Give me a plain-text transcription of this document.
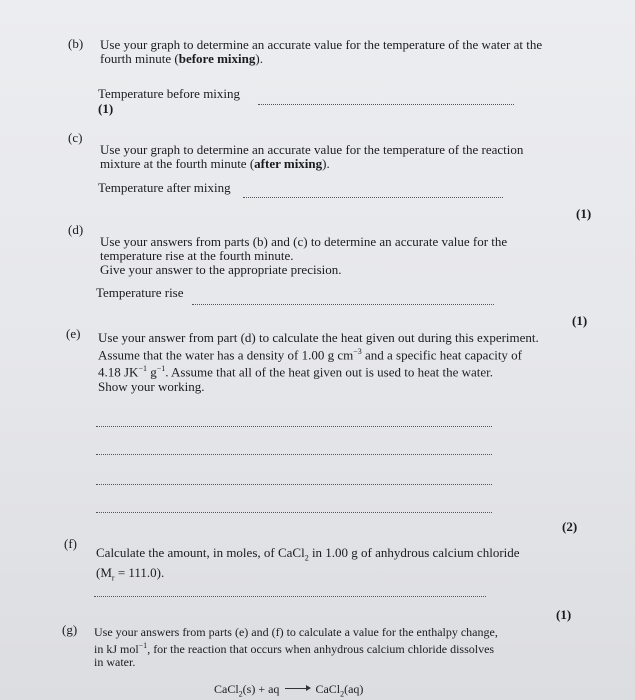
(b) Use your graph to determine an accurate value for the temperature of the water at the
fourth minute (before mixing).
Temperature before mixing
(1)
(c)
Use your graph to determine an accurate value for the temperature of the reaction
mixture at the fourth minute (after mixing).
Temperature after mixing
(1)
(d)
Use your answers from parts (b) and (c) to determine an accurate value for the
temperature rise at the fourth minute.
Give your answer to the appropriate precision.
Temperature rise
(1)
(e) Use your answer from part (d) to calculate the heat given out during this experiment.
Assume that the water has a density of 1.00 g $cm^{-3}$ and a specific heat capacity of
4.18 $JK^{-1}$ $g^{-1}$. Assume that all of the heat given out is used to heat the water.
Show your working.
(2)
(f)
Calculate the amount, in moles, of CaCl$_2$ in 1.00 g of anhydrous calcium chloride
$(M_r = 111.0)$.
(1)
(g) Use your answers from parts (e) and (f) to calculate a value for the enthalpy change,
in kJ mol$^{-1}$, for the reaction that occurs when anhydrous calcium chloride dissolves
in water.
CaCl$_2$(s) + aq	CaCl$_2$(aq)
